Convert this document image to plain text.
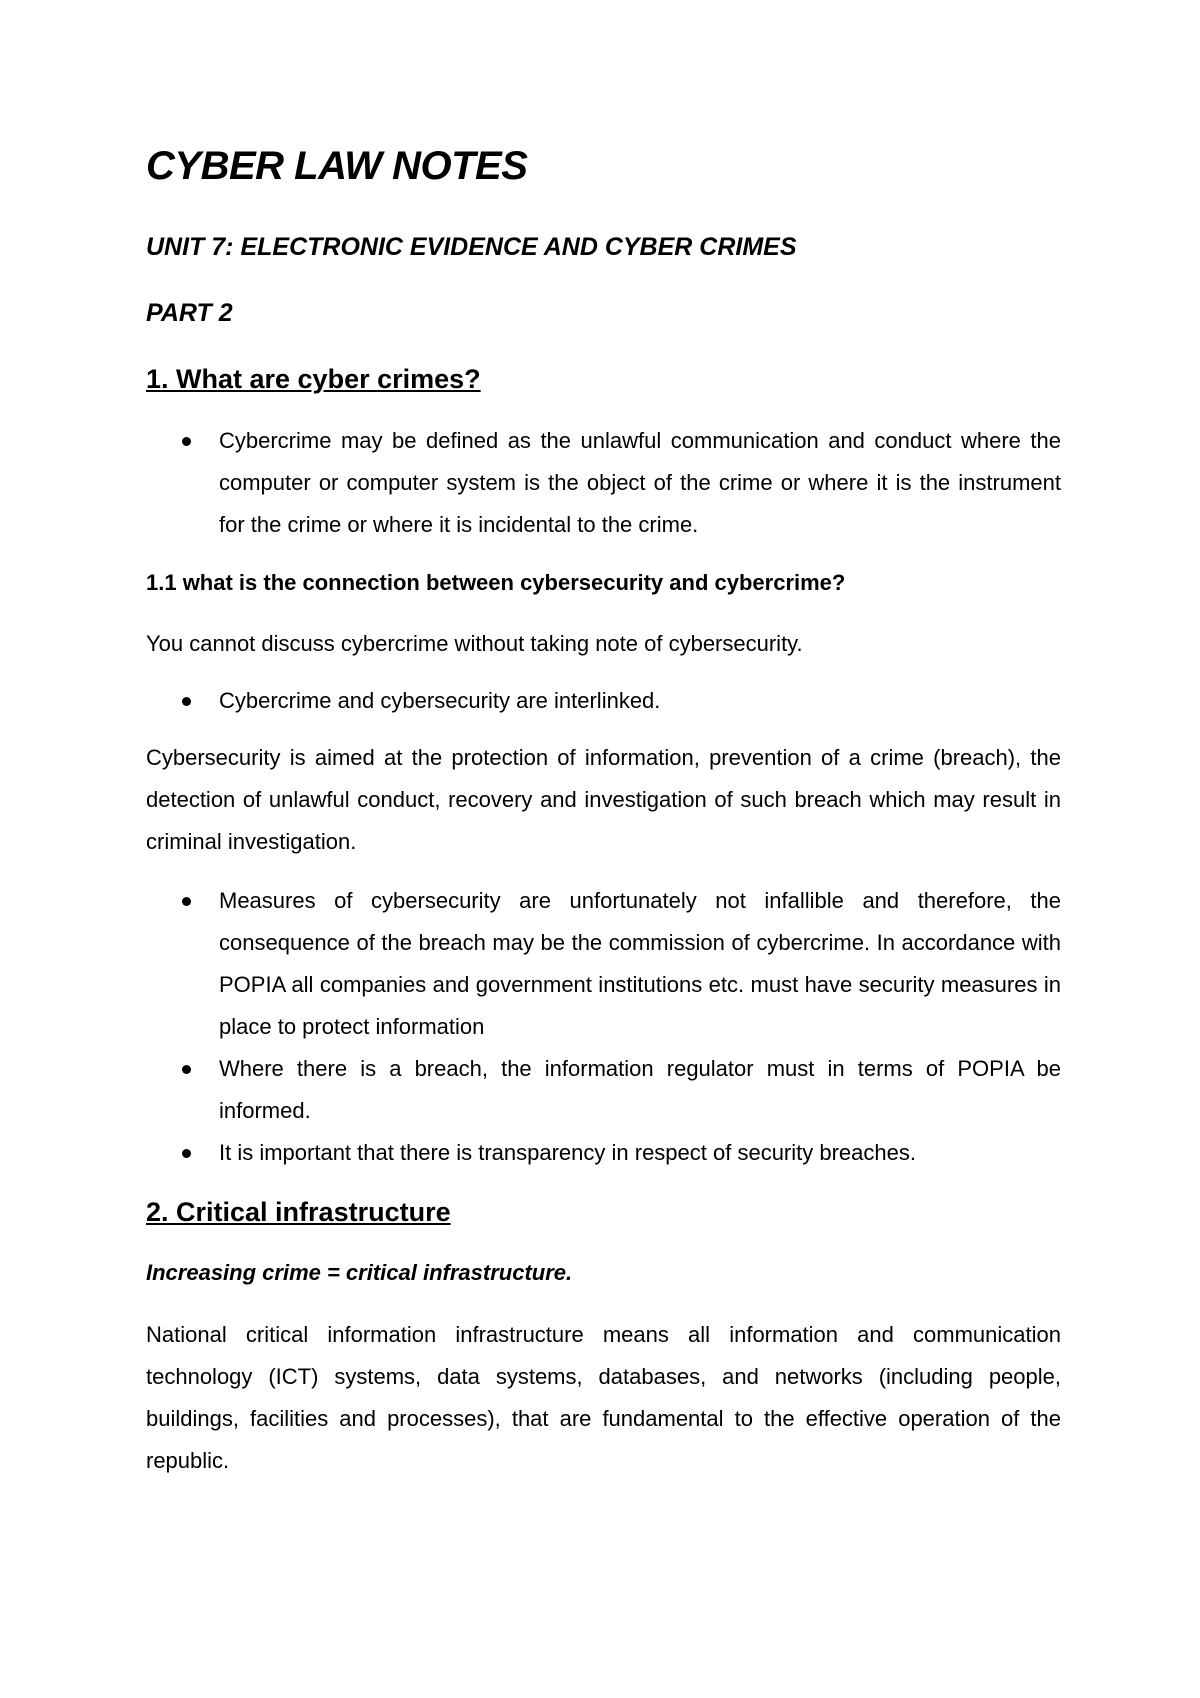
CYBER LAW NOTES
UNIT 7: ELECTRONIC EVIDENCE AND CYBER CRIMES
PART 2
1. What are cyber crimes?

Cybercrime may be defined as the unlawful communication and conduct where the computer or computer system is the object of the crime or where it is the instrument for the crime or where it is incidental to the crime.

1.1 what is the connection between cybersecurity and cybercrime?

You cannot discuss cybercrime without taking note of cybersecurity.

Cybercrime and cybersecurity are interlinked.

Cybersecurity is aimed at the protection of information, prevention of a crime (breach), the detection of unlawful conduct, recovery and investigation of such breach which may result in criminal investigation.

Measures of cybersecurity are unfortunately not infallible and therefore, the consequence of the breach may be the commission of cybercrime. In accordance with POPIA all companies and government institutions etc. must have security measures in place to protect information

Where there is a breach, the information regulator must in terms of POPIA be informed.

It is important that there is transparency in respect of security breaches.

2. Critical infrastructure
Increasing crime = critical infrastructure.

National critical information infrastructure means all information and communication technology (ICT) systems, data systems, databases, and networks (including people, buildings, facilities and processes), that are fundamental to the effective operation of the republic.
